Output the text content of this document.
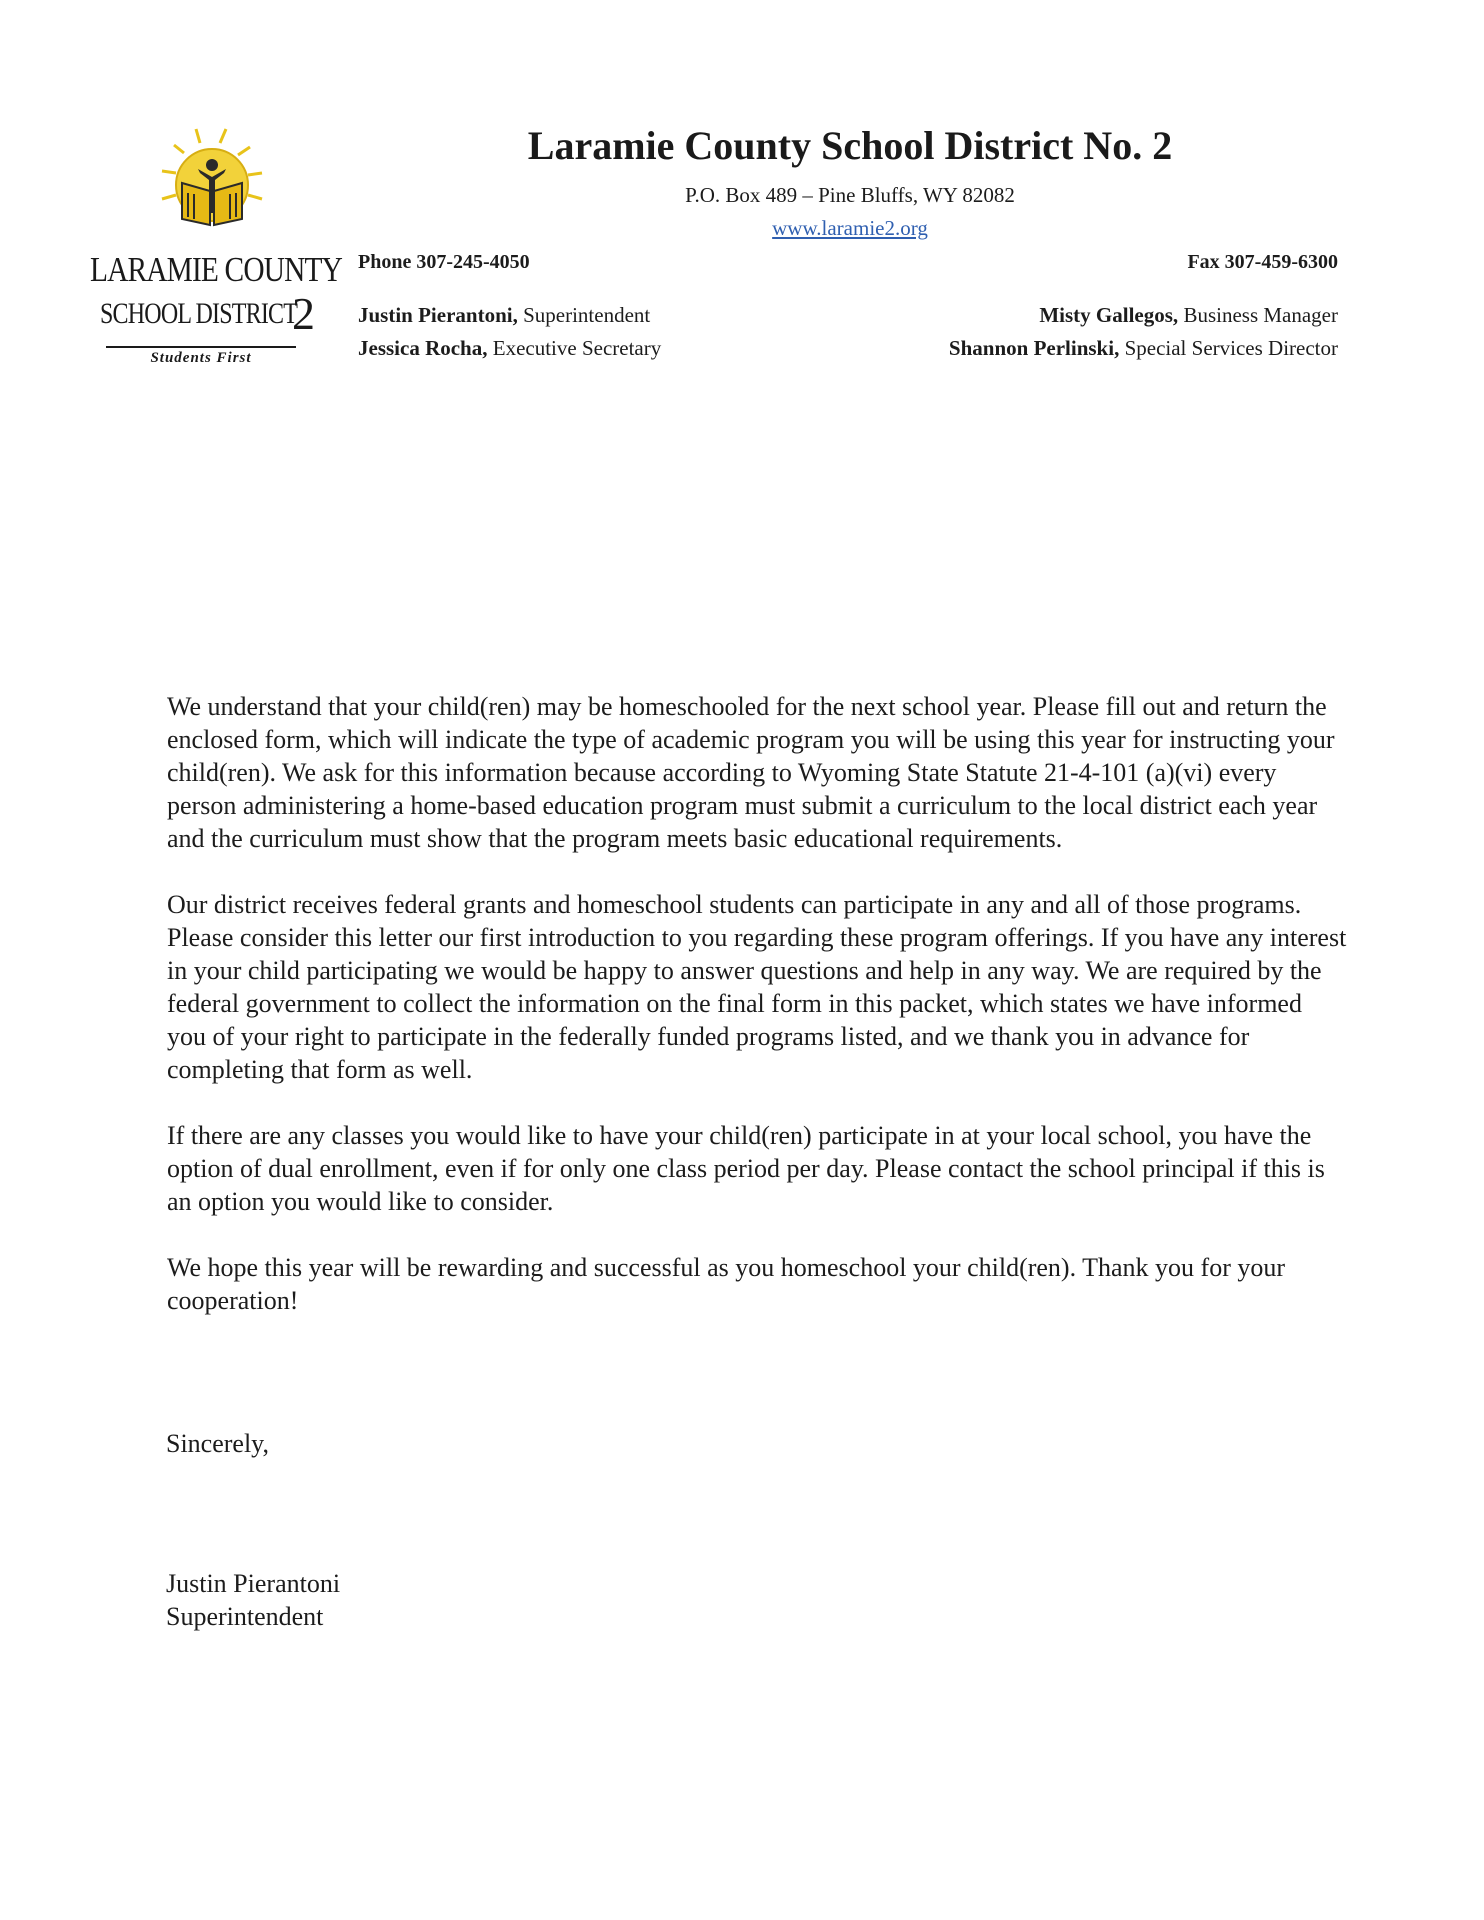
LARAMIE COUNTY
SCHOOL DISTRICT
2
Students First
Laramie County School District No. 2
P.O. Box 489 – Pine Bluffs, WY 82082
www.laramie2.org
Phone 307-245-4050	Fax 307-459-6300
Justin Pierantoni, Superintendent
Jessica Rocha, Executive Secretary
Misty Gallegos, Business Manager
Shannon Perlinski, Special Services Director

We understand that your child(ren) may be homeschooled for the next school year. Please fill out and return the enclosed form, which will indicate the type of academic program you will be using this year for instructing your child(ren). We ask for this information because according to Wyoming State Statute 21-4-101 (a)(vi) every person administering a home-based education program must submit a curriculum to the local district each year and the curriculum must show that the program meets basic educational requirements.

Our district receives federal grants and homeschool students can participate in any and all of those programs. Please consider this letter our first introduction to you regarding these program offerings. If you have any interest in your child participating we would be happy to answer questions and help in any way. We are required by the federal government to collect the information on the final form in this packet, which states we have informed you of your right to participate in the federally funded programs listed, and we thank you in advance for completing that form as well.

If there are any classes you would like to have your child(ren) participate in at your local school, you have the option of dual enrollment, even if for only one class period per day. Please contact the school principal if this is an option you would like to consider.

We hope this year will be rewarding and successful as you homeschool your child(ren). Thank you for your cooperation!

Sincerely,
Justin Pierantoni
Superintendent
